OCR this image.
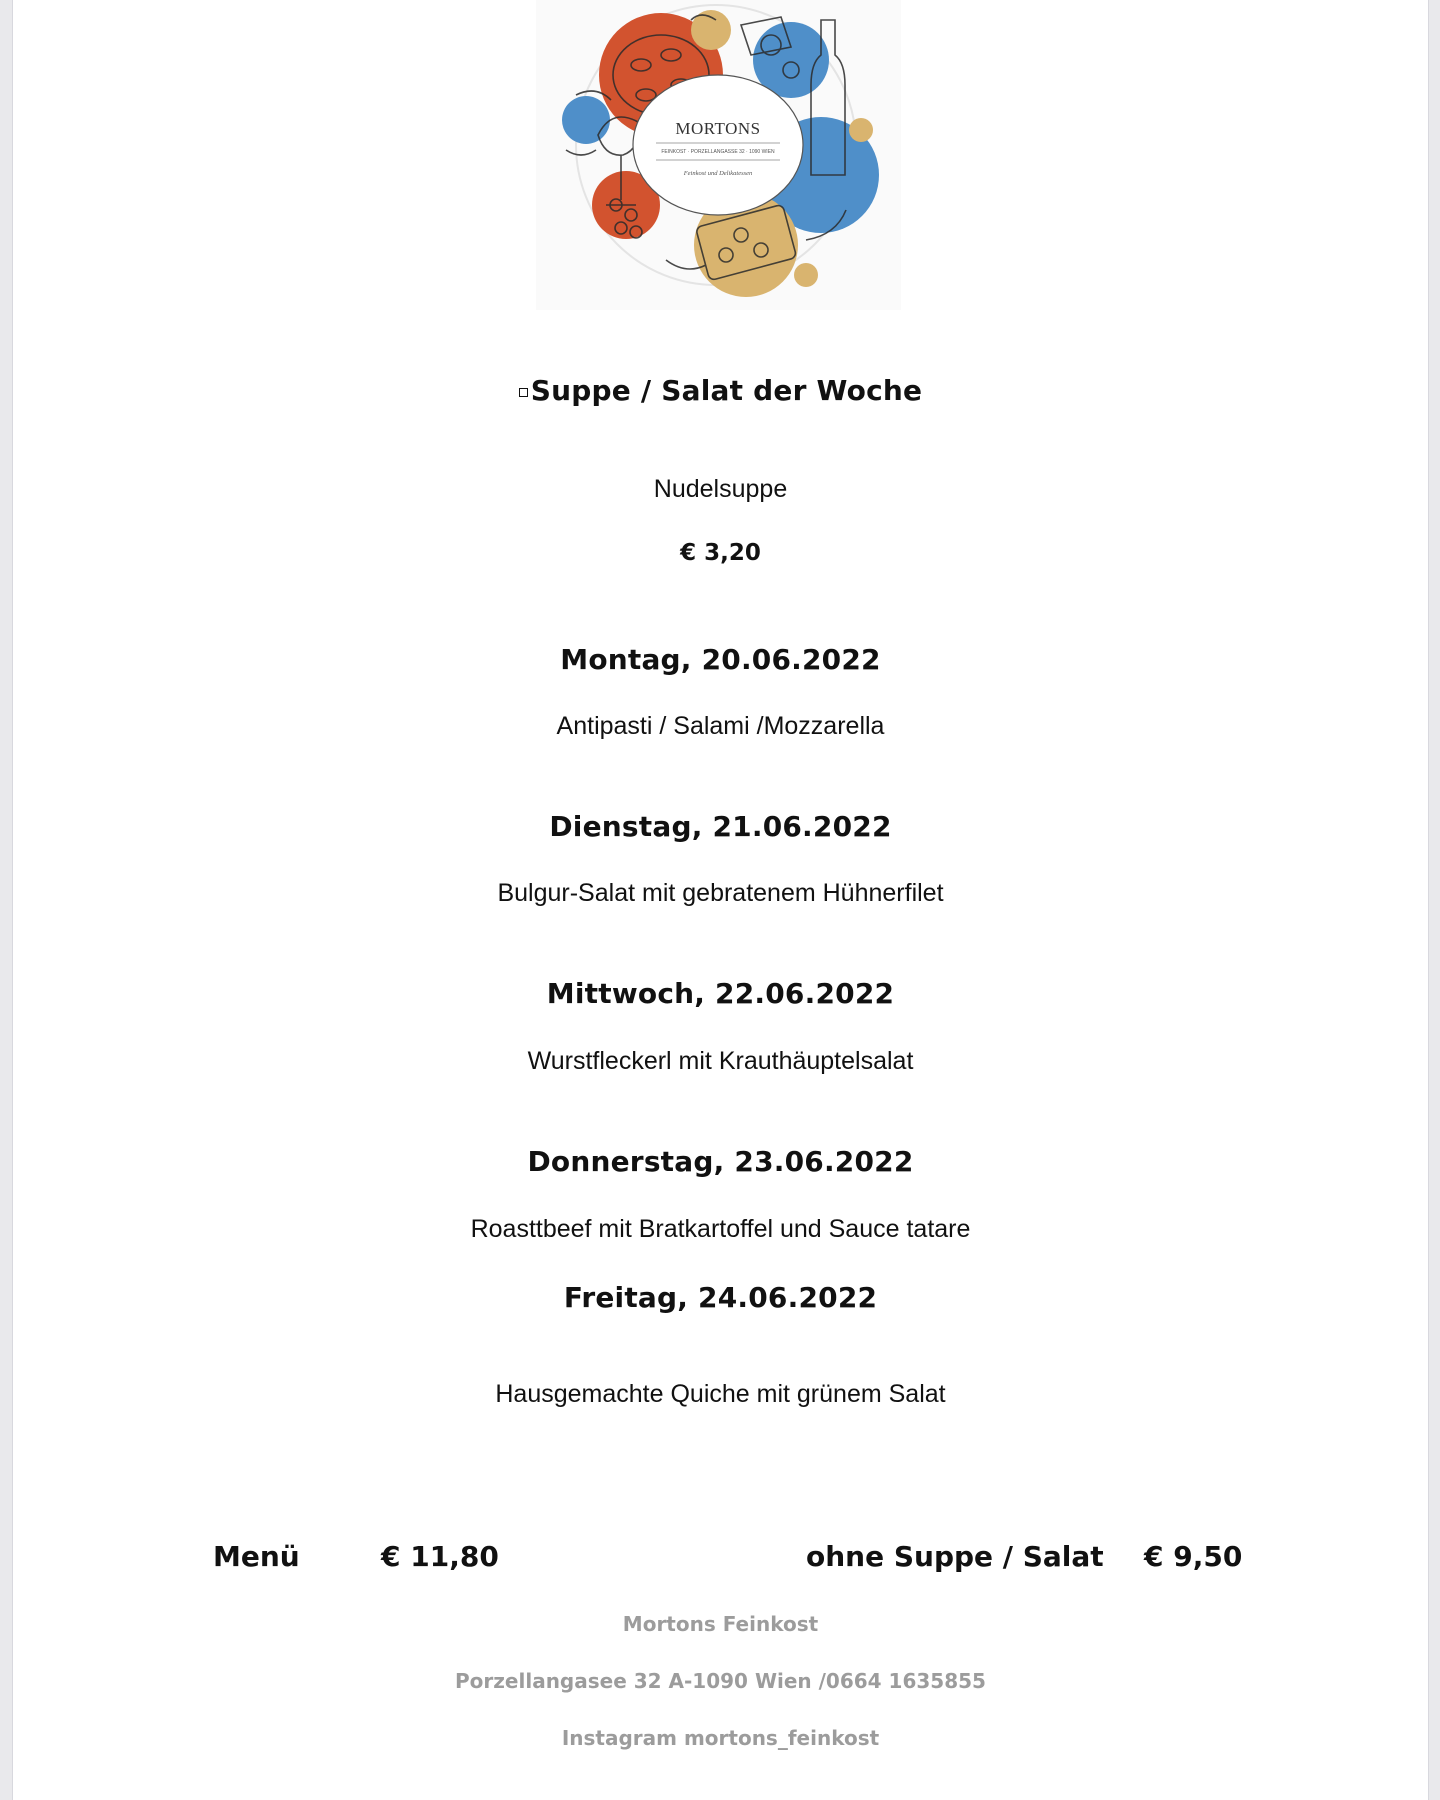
MORTONS
FEINKOST · PORZELLANGASSE 32 · 1090 WIEN
Feinkost und Delikatessen
Suppe / Salat der Woche
Nudelsuppe
€ 3,20
Montag, 20.06.2022
Antipasti / Salami /Mozzarella
Dienstag, 21.06.2022
Bulgur-Salat mit gebratenem Hühnerfilet
Mittwoch, 22.06.2022
Wurstfleckerl mit Krauthäuptelsalat
Donnerstag, 23.06.2022
Roasttbeef mit Bratkartoffel und Sauce tatare
Freitag, 24.06.2022
Hausgemachte Quiche mit grünem Salat
Menü	€ 11,80	ohne Suppe / Salat € 9,50
Mortons Feinkost
Porzellangasee 32 A-1090 Wien /0664 1635855
Instagram mortons_feinkost
